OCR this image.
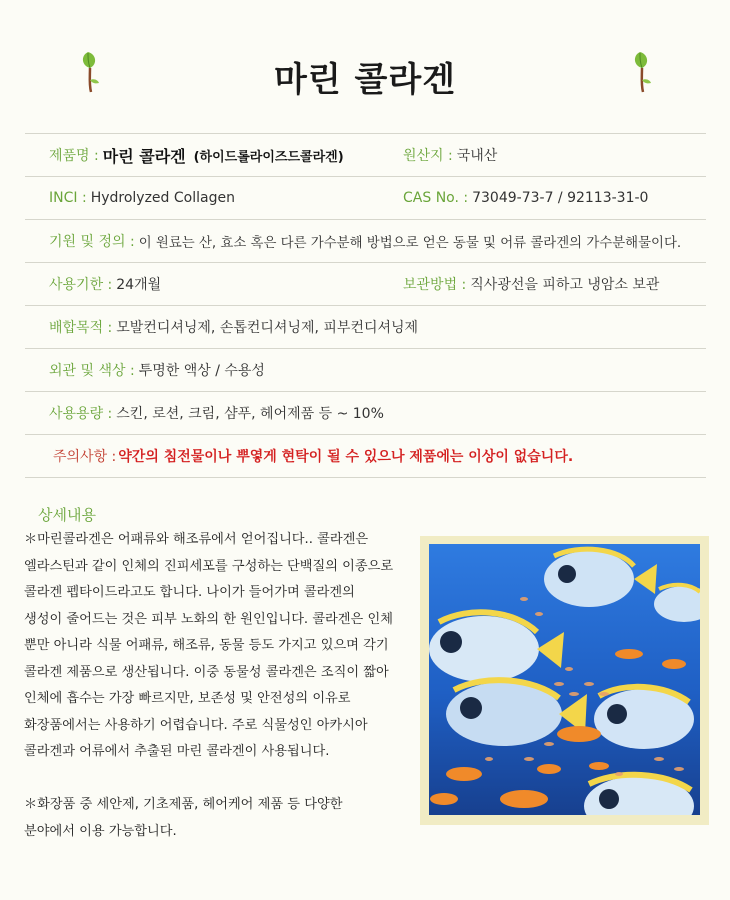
마린 콜라겐
제품명 : 마린 콜라겐 (하이드롤라이즈드콜라겐)	원산지 : 국내산
INCI : Hydrolyzed Collagen	CAS No. : 73049-73-7 / 92113-31-0
기원 및 정의 : 이 원료는 산, 효소 혹은 다른 가수분해 방법으로 얻은 동물 및 어류 콜라겐의 가수분해물이다.
사용기한 : 24개월	보관방법 : 직사광선을 피하고 냉암소 보관
배합목적 : 모발컨디셔닝제, 손톱컨디셔닝제, 피부컨디셔닝제
외관 및 색상 : 투명한 액상 / 수용성
사용용량 : 스킨, 로션, 크림, 샴푸, 헤어제품 등 ~ 10%
주의사항 : 약간의 침전물이나 뿌옇게 현탁이 될 수 있으나 제품에는 이상이 없습니다.
상세내용
＊마린콜라겐은 어패류와 해조류에서 얻어집니다.. 콜라겐은
엘라스틴과 같이 인체의 진피세포를 구성하는 단백질의 이종으로
콜라겐 펩타이드라고도 합니다. 나이가 들어가며 콜라겐의
생성이 줄어드는 것은 피부 노화의 한 원인입니다. 콜라겐은 인체
뿐만 아니라 식물 어패류, 해조류, 동물 등도 가지고 있으며 각기
콜라겐 제품으로 생산됩니다. 이중 동물성 콜라겐은 조직이 짧아
인체에 흡수는 가장 빠르지만, 보존성 및 안전성의 이유로
화장품에서는 사용하기 어렵습니다. 주로 식물성인 아카시아
콜라겐과 어류에서 추출된 마린 콜라겐이 사용됩니다.

＊화장품 중 세안제, 기초제품, 헤어케어 제품 등 다양한
분야에서 이용 가능합니다.
